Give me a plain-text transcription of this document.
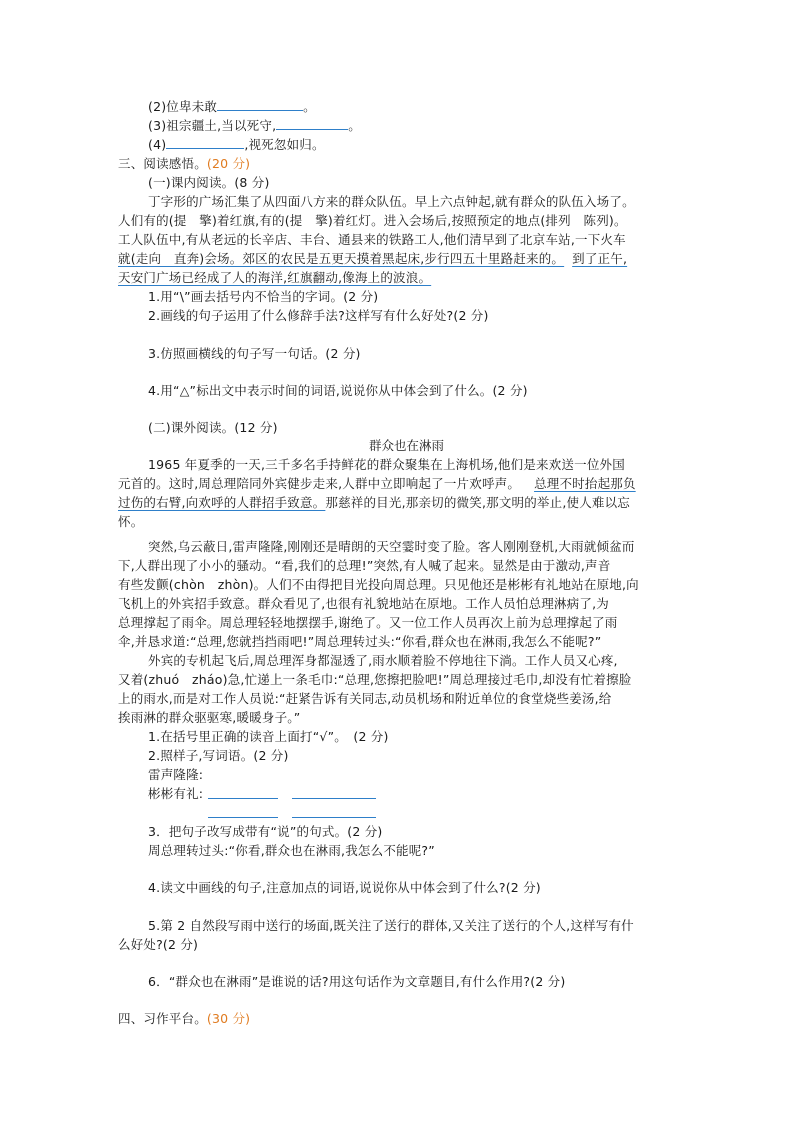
(2)位卑未敢	。
(3)祖宗疆土,当以死守,	。
(4)	,视死忽如归。
三、阅读感悟。(20 分)
(一)课内阅读。(8 分)
丁字形的广场汇集了从四面八方来的群众队伍。早上六点钟起,就有群众的队伍入场了。
人们有的(提　擎)着红旗,有的(提　擎)着红灯。进入会场后,按照预定的地点(排列　陈列)。
工人队伍中,有从老远的长辛店、丰台、通县来的铁路工人,他们清早到了北京车站,一下火车
就(走向　直奔)会场。郊区的农民是五更天摸着黑起床,步行四五十里路赶来的。 到了正午,
天安门广场已经成了人的海洋,红旗翻动,像海上的波浪。
1.用“\”画去括号内不恰当的字词。(2 分)
2.画线的句子运用了什么修辞手法?这样写有什么好处?(2 分)
3.仿照画横线的句子写一句话。(2 分)
4.用“△”标出文中表示时间的词语,说说你从中体会到了什么。(2 分)
(二)课外阅读。(12 分)
群众也在淋雨
1965 年夏季的一天,三千多名手持鲜花的群众聚集在上海机场,他们是来欢送一位外国
元首的。这时,周总理陪同外宾健步走来,人群中立即响起了一片欢呼声。 总理不时抬起那负
过伤的右臂,向欢呼的人群招手致意。那慈祥的目光,那亲切的微笑,那文明的举止,使人难以忘
怀。
突然,乌云蔽日,雷声隆隆,刚刚还是晴朗的天空霎时变了脸。客人刚刚登机,大雨就倾盆而
下,人群出现了小小的骚动。“看,我们的总理!”突然,有人喊了起来。显然是由于激动,声音
有些发颤(chòn　zhòn)。人们不由得把目光投向周总理。只见他还是彬彬有礼地站在原地,向
飞机上的外宾招手致意。群众看见了,也很有礼貌地站在原地。工作人员怕总理淋病了,为
总理撑起了雨伞。周总理轻轻地摆摆手,谢绝了。又一位工作人员再次上前为总理撑起了雨
伞,并恳求道:“总理,您就挡挡雨吧!”周总理转过头:“你看,群众也在淋雨,我怎么不能呢?”
外宾的专机起飞后,周总理浑身都湿透了,雨水顺着脸不停地往下淌。工作人员又心疼,
又着(zhuó　zháo)急,忙递上一条毛巾:“总理,您擦把脸吧!”周总理接过毛巾,却没有忙着擦脸
上的雨水,而是对工作人员说:“赶紧告诉有关同志,动员机场和附近单位的食堂烧些姜汤,给
挨雨淋的群众驱驱寒,暖暖身子。”
1.在括号里正确的读音上面打“√”。　(2 分)
2.照样子,写词语。(2 分)
雷声隆隆:
彬彬有礼:
3．把句子改写成带有“说”的句式。(2 分)
周总理转过头:“你看,群众也在淋雨,我怎么不能呢?”
4.读文中画线的句子,注意加点的词语,说说你从中体会到了什么?(2 分)
5.第 2 自然段写雨中送行的场面,既关注了送行的群体,又关注了送行的个人,这样写有什
么好处?(2 分)
6．“群众也在淋雨”是谁说的话?用这句话作为文章题目,有什么作用?(2 分)
四、习作平台。(30 分)
